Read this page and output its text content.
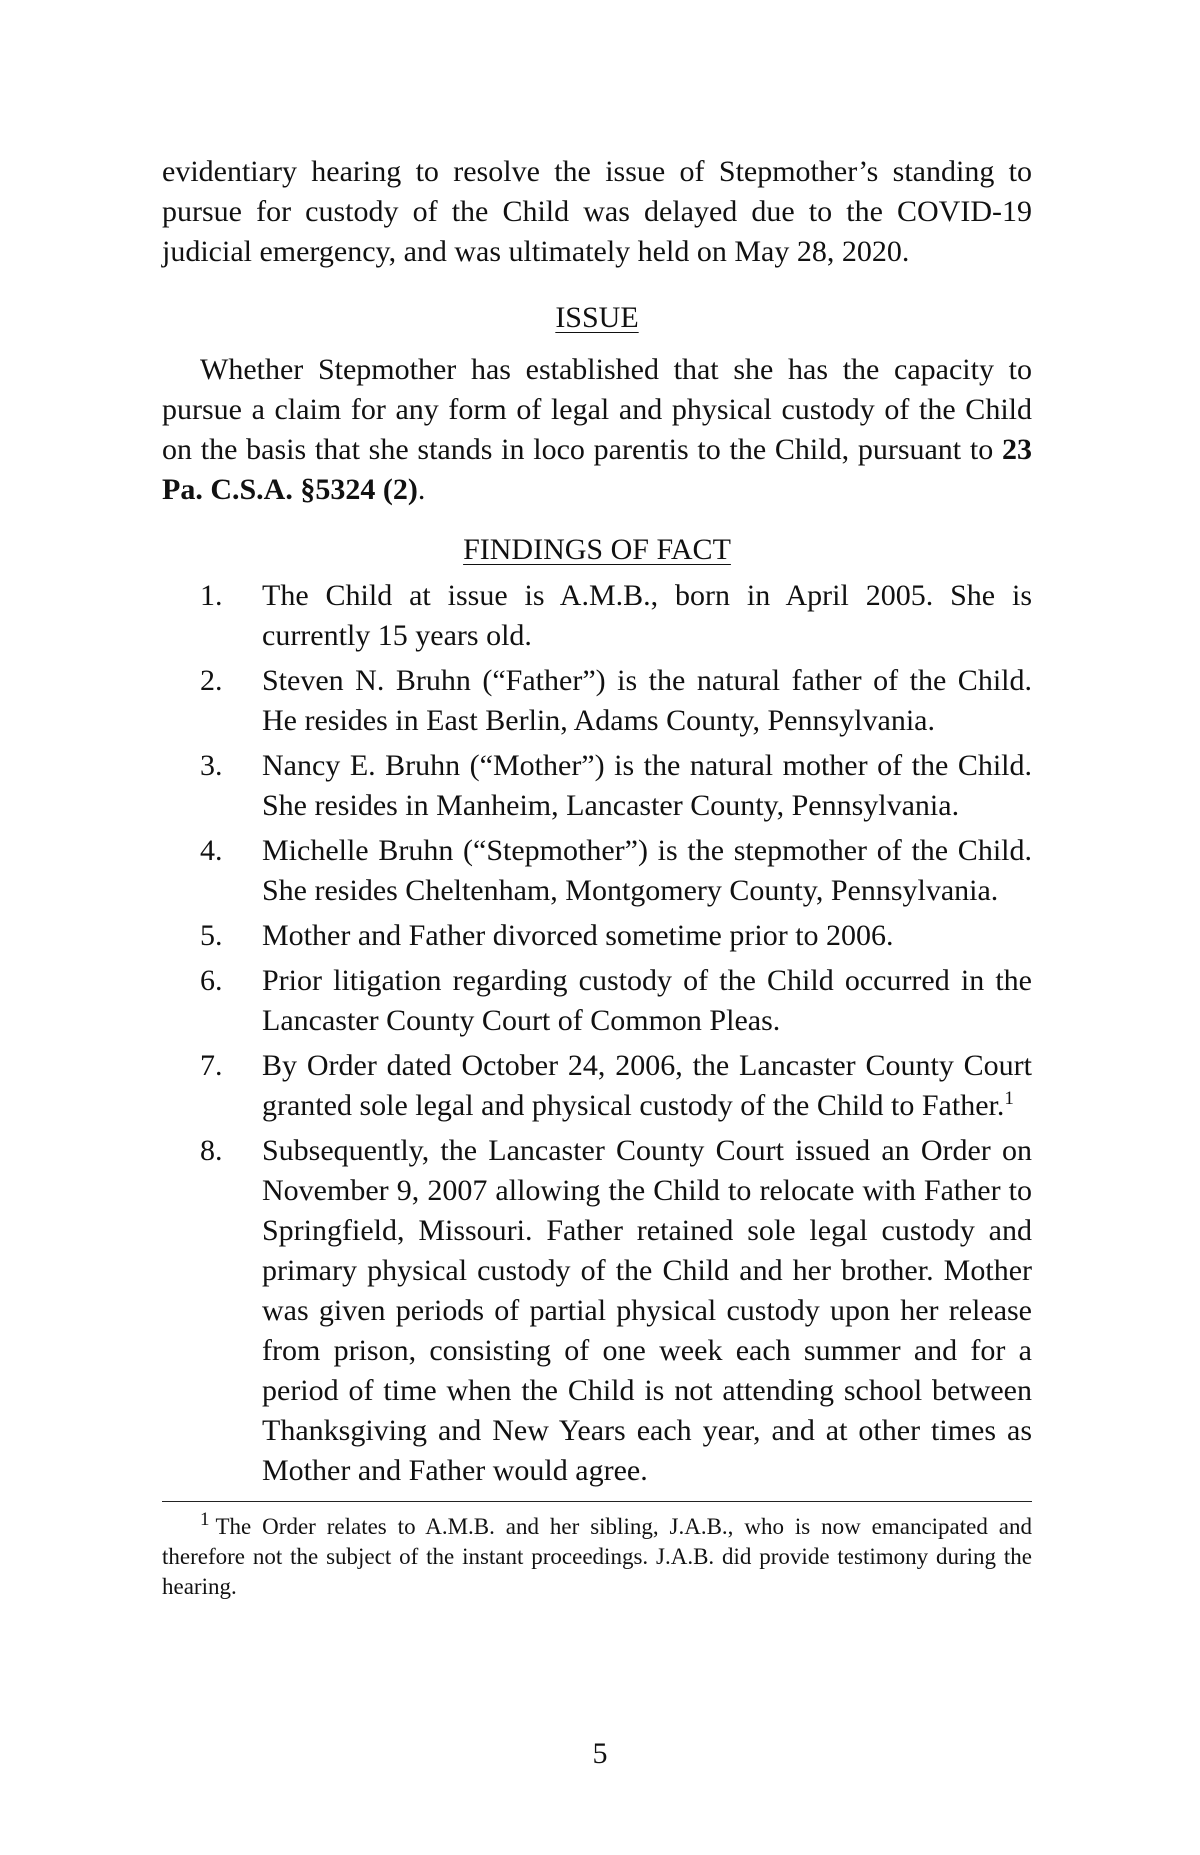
evidentiary hearing to resolve the issue of Stepmother’s standing to pursue for custody of the Child was delayed due to the COVID-19 judicial emergency, and was ultimately held on May 28, 2020.

ISSUE

Whether Stepmother has established that she has the capacity to pursue a claim for any form of legal and physical custody of the Child on the basis that she stands in loco parentis to the Child, pursuant to 23 Pa. C.S.A. §5324 (2).

FINDINGS OF FACT
1.	The Child at issue is A.M.B., born in April 2005. She is currently 15 years old.
2.	Steven N. Bruhn (“Father”) is the natural father of the Child. He resides in East Berlin, Adams County, Pennsylvania.
3.	Nancy E. Bruhn (“Mother”) is the natural mother of the Child. She resides in Manheim, Lancaster County, Pennsylvania.
4.	Michelle Bruhn (“Stepmother”) is the stepmother of the Child. She resides Cheltenham, Montgomery County, Pennsylvania.
5.	Mother and Father divorced sometime prior to 2006.
6.	Prior litigation regarding custody of the Child occurred in the Lancaster County Court of Common Pleas.
7.	By Order dated October 24, 2006, the Lancaster County Court granted sole legal and physical custody of the Child to Father.$^1$
8.	Subsequently, the Lancaster County Court issued an Order on November 9, 2007 allowing the Child to relocate with Father to Springfield, Missouri. Father retained sole legal custody and primary physical custody of the Child and her brother. Mother was given periods of partial physical custody upon her release from prison, consisting of one week each summer and for a period of time when the Child is not attending school between Thanksgiving and New Years each year, and at other times as Mother and Father would agree.

$^1$ The Order relates to A.M.B. and her sibling, J.A.B., who is now emancipated and therefore not the subject of the instant proceedings. J.A.B. did provide testimony during the hearing.

5
